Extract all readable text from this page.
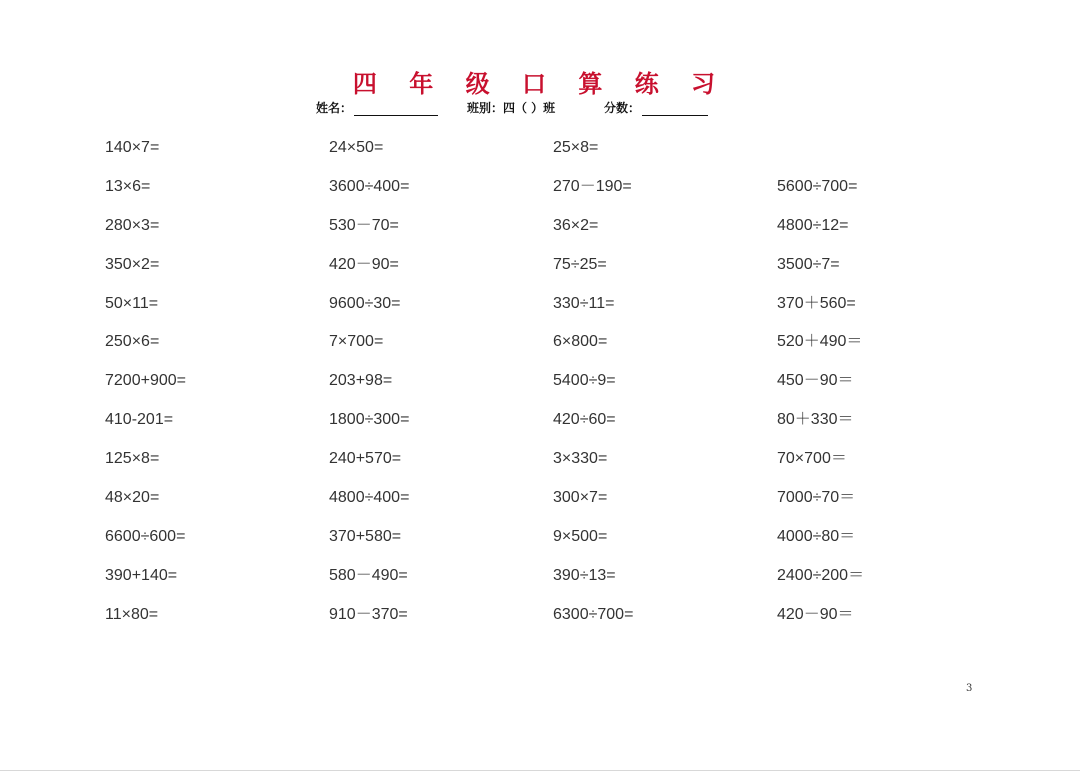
四 年 级 口 算 练 习
姓名：	班别：四（ ）班	分数：
140×7=	24×50=	25×8=
13×6=	3600÷400=	270－190=	5600÷700=
280×3=	530－70=	36×2=	4800÷12=
350×2=	420－90=	75÷25=	3500÷7=
50×11=	9600÷30=	330÷11=	370＋560=
250×6=	7×700=	6×800=	520＋490＝
7200+900=	203+98=	5400÷9=	450－90＝
410-201=	1800÷300=	420÷60=	80＋330＝
125×8=	240+570=	3×330=	70×700＝
48×20=	4800÷400=	300×7=	7000÷70＝
6600÷600=	370+580=	9×500=	4000÷80＝
390+140=	580－490=	390÷13=	2400÷200＝
11×80=	910－370=	6300÷700=	420－90＝
3
